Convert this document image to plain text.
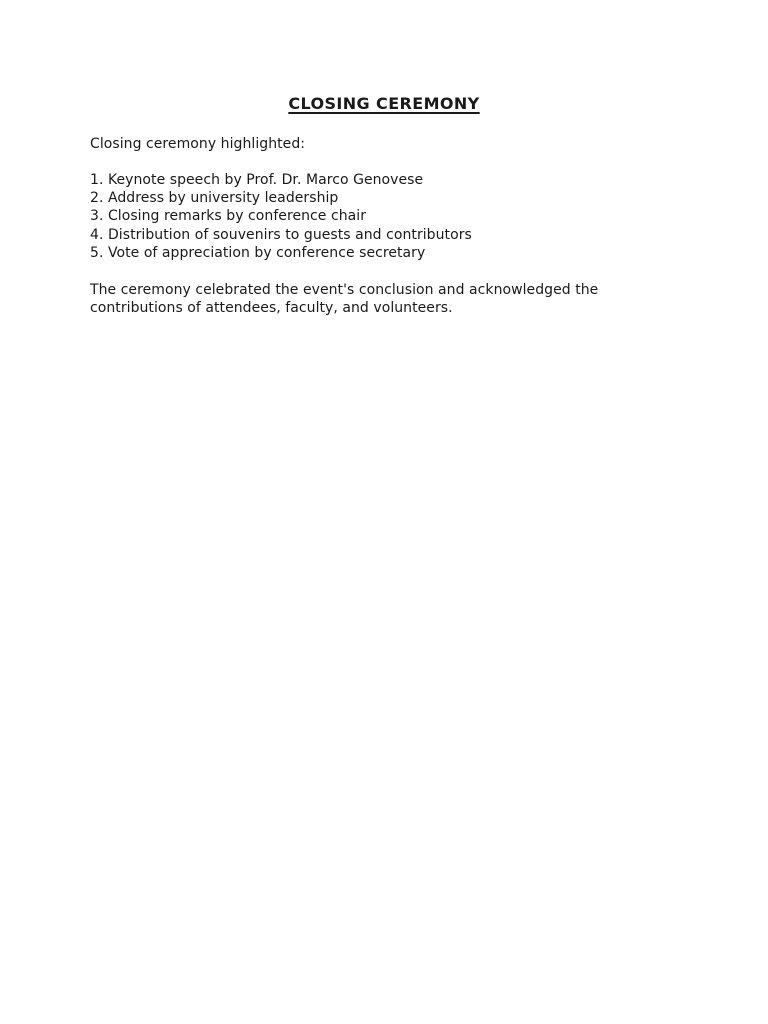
CLOSING CEREMONY
Closing ceremony highlighted:
1. Keynote speech by Prof. Dr. Marco Genovese
2. Address by university leadership
3. Closing remarks by conference chair
4. Distribution of souvenirs to guests and contributors
5. Vote of appreciation by conference secretary
The ceremony celebrated the event's conclusion and acknowledged the contributions of attendees, faculty, and volunteers.
